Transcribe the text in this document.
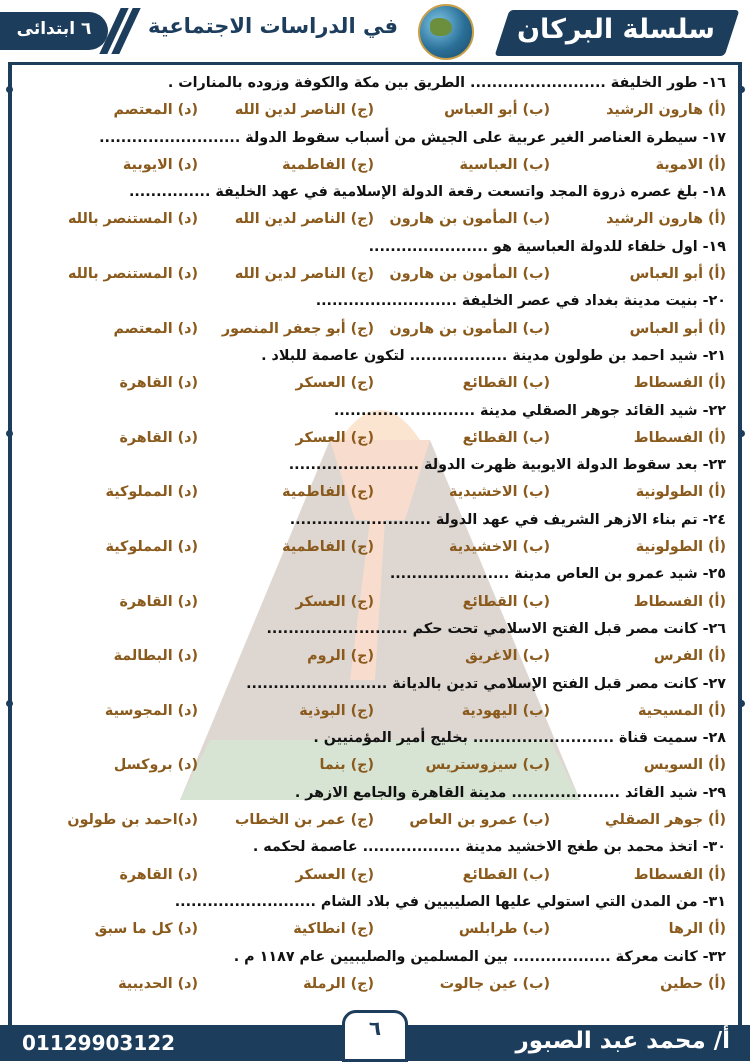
سلسلة البركان
في الدراسات الاجتماعية
٦ ابتدائى
١٦- طور الخليفة ......................... الطريق بين مكة والكوفة وزوده بالمنارات .
(أ) هارون الرشيد
(ب) أبو العباس
(ج) الناصر لدين الله
(د) المعتصم
١٧- سيطرة العناصر الغير عربية على الجيش من أسباب سقوط الدولة ..........................
(أ) الاموية
(ب) العباسية
(ج) الفاطمية
(د) الايوبية
١٨- بلغ عصره ذروة المجد واتسعت رقعة الدولة الإسلامية في عهد الخليفة ...............
(أ) هارون الرشيد
(ب) المأمون بن هارون
(ج) الناصر لدين الله
(د) المستنصر بالله
١٩- اول خلفاء للدولة العباسية هو ......................
(أ) أبو العباس
(ب) المأمون بن هارون
(ج) الناصر لدين الله
(د) المستنصر بالله
٢٠- بنيت مدينة بغداد في عصر الخليفة ..........................
(أ) أبو العباس
(ب) المأمون بن هارون
(ج) أبو جعفر المنصور
(د) المعتصم
٢١- شيد احمد بن طولون مدينة .................. لتكون عاصمة للبلاد .
(أ) الفسطاط
(ب) القطائع
(ج) العسكر
(د) القاهرة
٢٢- شيد القائد جوهر الصقلي مدينة ..........................
(أ) الفسطاط
(ب) القطائع
(ج) العسكر
(د) القاهرة
٢٣- بعد سقوط الدولة الايوبية ظهرت الدولة ........................
(أ) الطولونية
(ب) الاخشيدية
(ج) الفاطمية
(د) المملوكية
٢٤- تم بناء الازهر الشريف في عهد الدولة ..........................
(أ) الطولونية
(ب) الاخشيدية
(ج) الفاطمية
(د) المملوكية
٢٥- شيد عمرو بن العاص مدينة ......................
(أ) الفسطاط
(ب) القطائع
(ج) العسكر
(د) القاهرة
٢٦- كانت مصر قبل الفتح الاسلامي تحت حكم ..........................
(أ) الفرس
(ب) الاغريق
(ج) الروم
(د) البطالمة
٢٧- كانت مصر قبل الفتح الإسلامي تدين بالديانة ..........................
(أ) المسيحية
(ب) اليهودية
(ج) البوذية
(د) المجوسية
٢٨- سميت قناة .......................... بخليج أمير المؤمنيين .
(أ) السويس
(ب) سيزوستريس
(ج) بنما
(د) بروكسل
٢٩- شيد القائد .................... مدينة القاهرة والجامع الازهر .
(أ) جوهر الصقلي
(ب) عمرو بن العاص
(ج) عمر بن الخطاب
(د)احمد بن طولون
٣٠- اتخذ محمد بن طغج الاخشيد مدينة .................. عاصمة لحكمه .
(أ) الفسطاط
(ب) القطائع
(ج) العسكر
(د) القاهرة
٣١- من المدن التي استولي عليها الصليبيين في بلاد الشام ..........................
(أ) الرها
(ب) طرابلس
(ج) انطاكية
(د) كل ما سبق
٣٢- كانت معركة .................. بين المسلمين والصليبيين عام ١١٨٧ م .
(أ) حطين
(ب) عين جالوت
(ج) الرملة
(د) الحديبية
أ/ محمد عبد الصبور
01129903122
٦
